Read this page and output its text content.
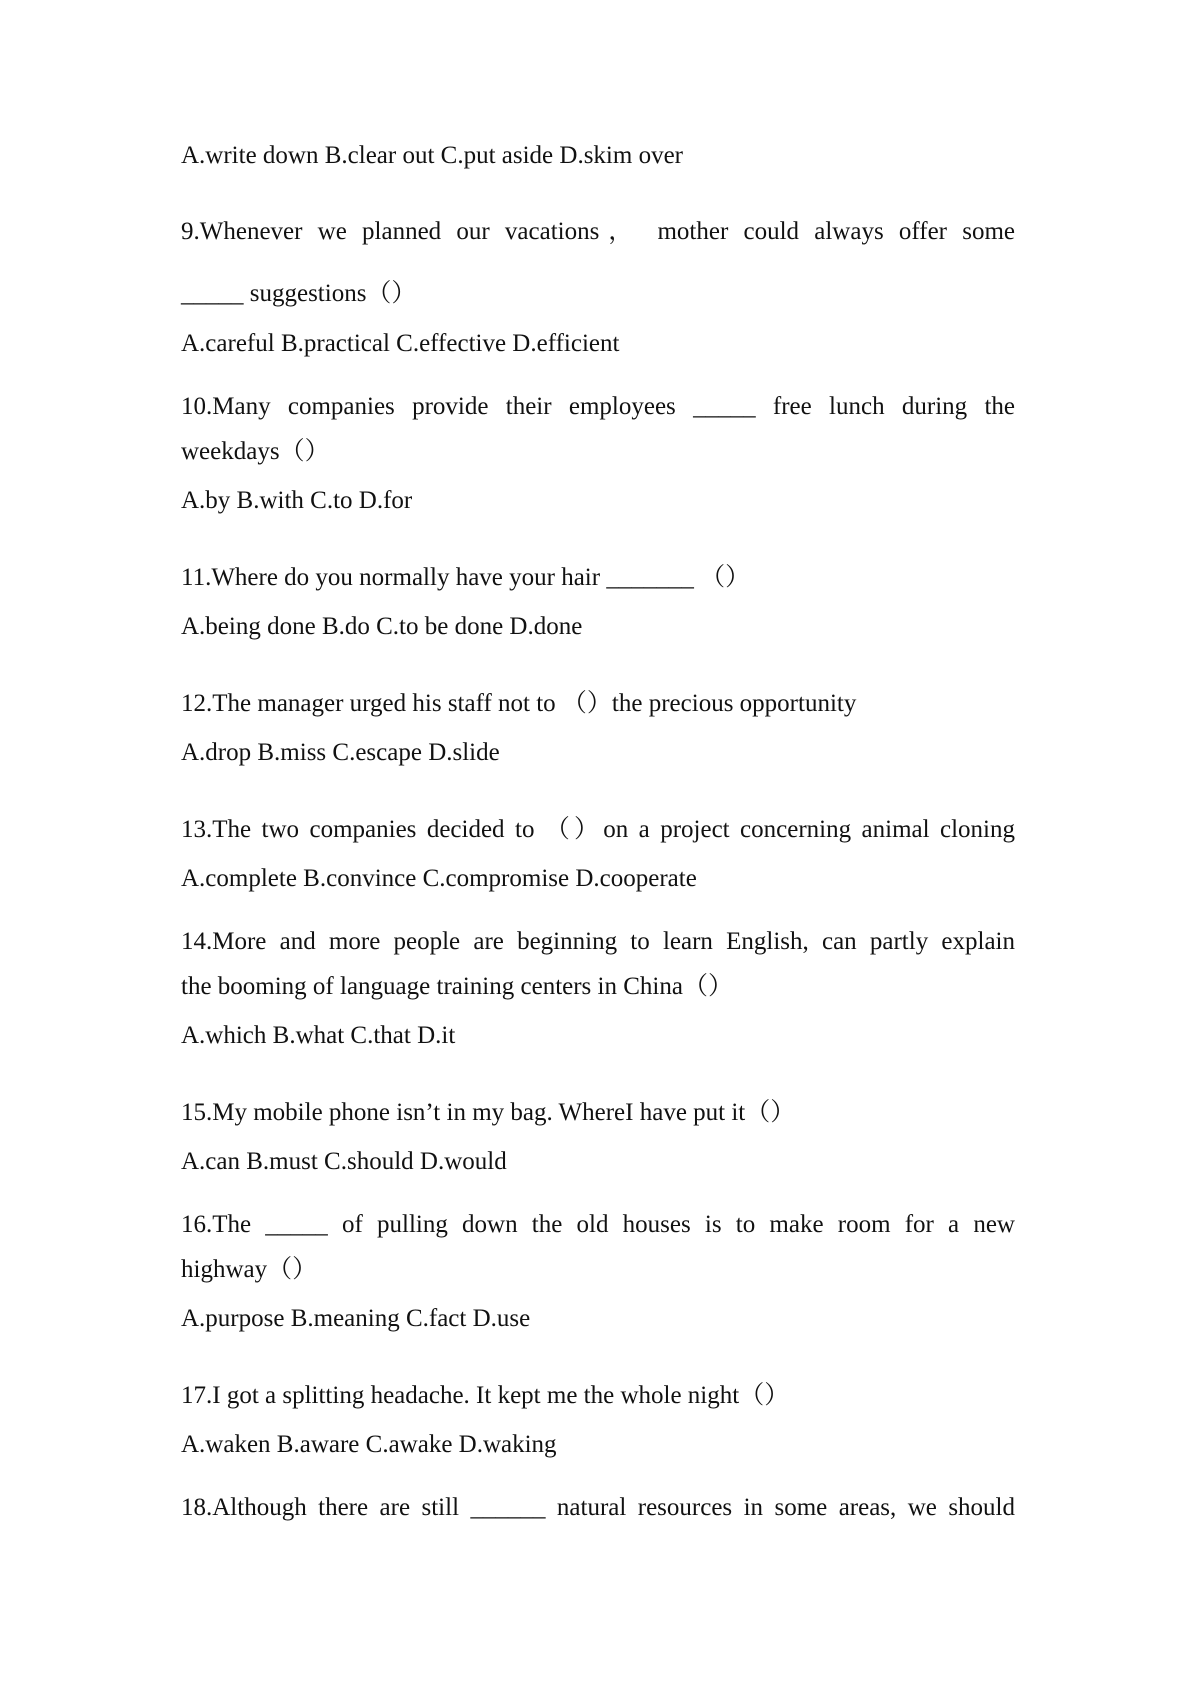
A.write down B.clear out C.put aside D.skim over
9.Whenever we planned our vacations， mother could always offer some
_____ suggestions（）
A.careful B.practical C.effective D.efficient
10.Many companies provide their employees _____ free lunch during the
weekdays（）
A.by B.with C.to D.for
11.Where do you normally have your hair _______ （）
A.being done B.do C.to be done D.done
12.The manager urged his staff not to （）the precious opportunity
A.drop B.miss C.escape D.slide
13.The two companies decided to （）on a project concerning animal cloning
A.complete B.convince C.compromise D.cooperate
14.More and more people are beginning to learn English, can partly explain
the booming of language training centers in China（）
A.which B.what C.that D.it
15.My mobile phone isn’t in my bag. WhereI have put it（）
A.can B.must C.should D.would
16.The _____ of pulling down the old houses is to make room for a new
highway（）
A.purpose B.meaning C.fact D.use
17.I got a splitting headache. It kept me the whole night（）
A.waken B.aware C.awake D.waking
18.Although there are still ______ natural resources in some areas, we should
